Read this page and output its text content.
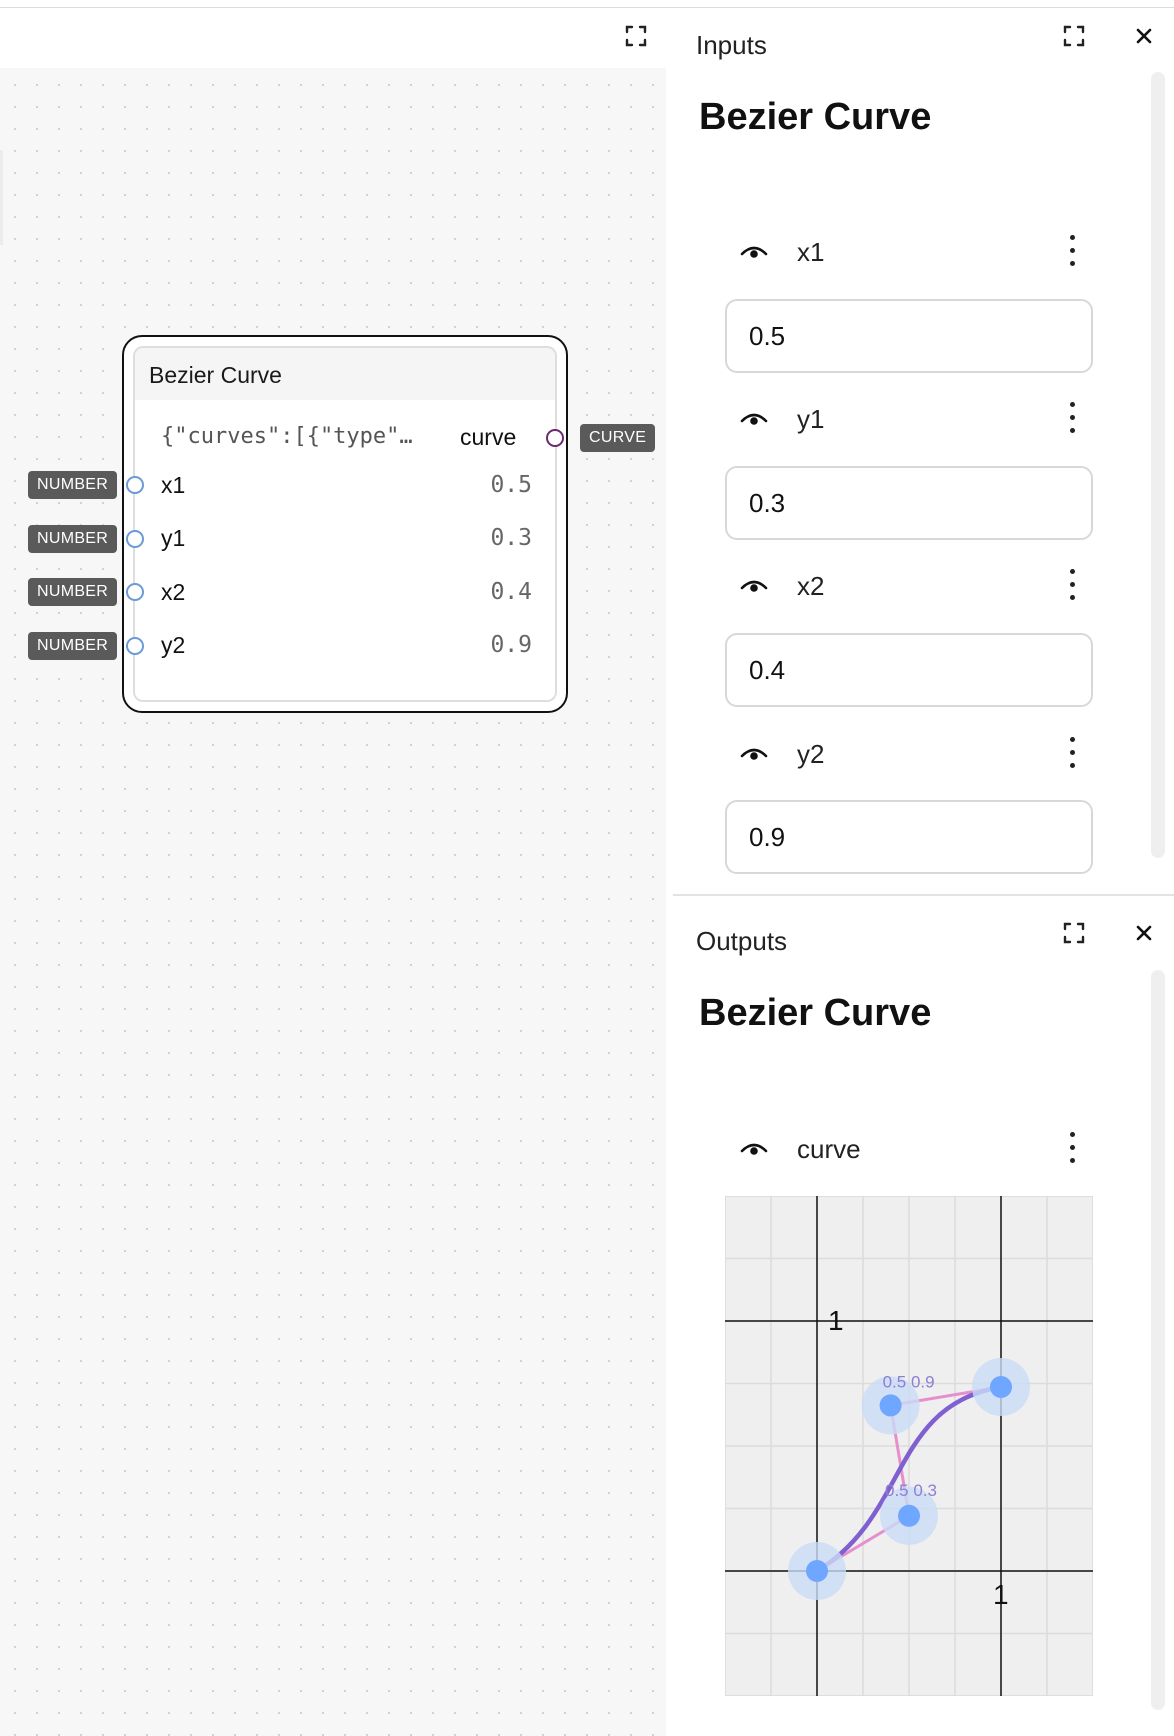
Bezier Curve
{"curves":[{"type"… curve	CURVE
NUMBER	x1	0.5
NUMBER	y1	0.3
NUMBER	x2	0.4
NUMBER	y2	0.9
Inputs
Bezier Curve
x1
0.5
y1
0.3
x2
0.4
y2
0.9
Outputs
Bezier Curve
curve
1
1
0.5 0.3
0.5 0.9
